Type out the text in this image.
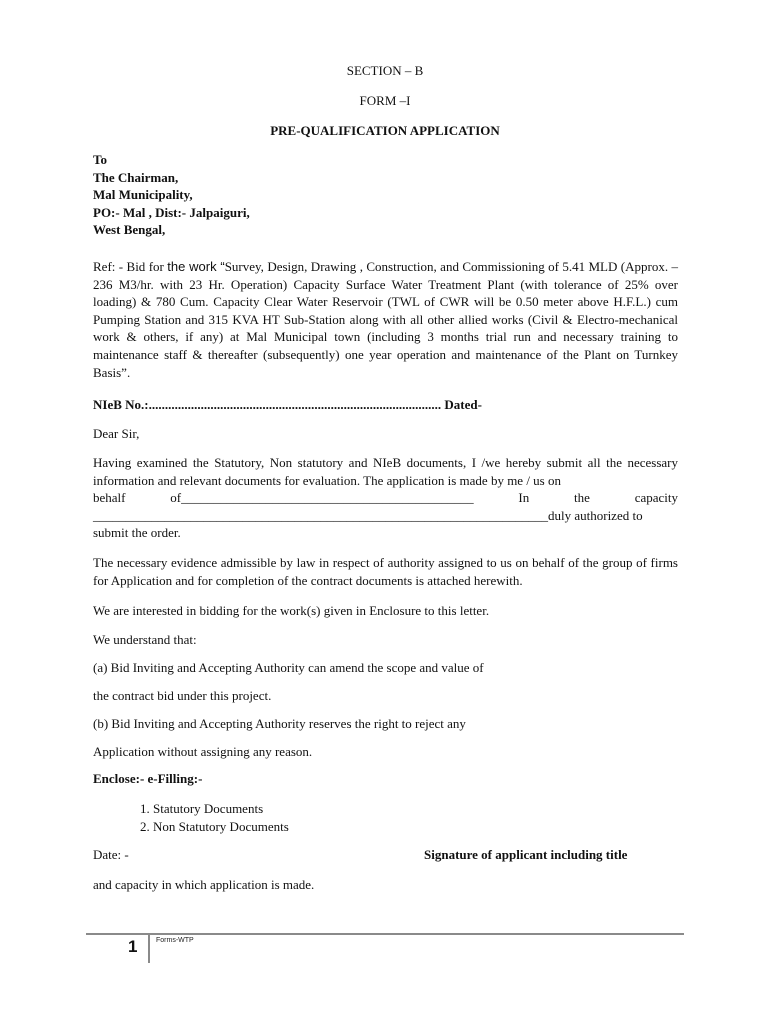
SECTION – B
FORM –I
PRE-QUALIFICATION APPLICATION
To
The Chairman,
Mal Municipality,
PO:- Mal , Dist:- Jalpaiguri,
West Bengal,
Ref: - Bid for the work “Survey, Design, Drawing , Construction, and Commissioning of 5.41 MLD (Approx. – 236 M3/hr. with 23 Hr. Operation) Capacity Surface Water Treatment Plant (with tolerance of 25% over loading) & 780 Cum. Capacity Clear Water Reservoir (TWL of CWR will be 0.50 meter above H.F.L.) cum Pumping Station and 315 KVA HT Sub-Station along with all other allied works (Civil & Electro-mechanical work & others, if any) at Mal Municipal town (including 3 months trial run and necessary training to maintenance staff & thereafter (subsequently) one year operation and maintenance of the Plant on Turnkey Basis”.
NIeB No.:.......................................................................................... Dated-
Dear Sir,
Having examined the Statutory, Non statutory and NIeB documents, I /we hereby submit all the necessary information and relevant documents for evaluation. The application is made by me / us on
behalf	of_____________________________________________	In	the	capacity
______________________________________________________________________duly authorized to
submit the order.
The necessary evidence admissible by law in respect of authority assigned to us on behalf of the group of firms for Application and for completion of the contract documents is attached herewith.
We are interested in bidding for the work(s) given in Enclosure to this letter.
We understand that:
(a) Bid Inviting and Accepting Authority can amend the scope and value of
the contract bid under this project.
(b) Bid Inviting and Accepting Authority reserves the right to reject any
Application without assigning any reason.
Enclose:- e-Filling:-
1. Statutory Documents
2. Non Statutory Documents
Date: -	Signature of applicant including title
and capacity in which application is made.
1	Forms-WTP
